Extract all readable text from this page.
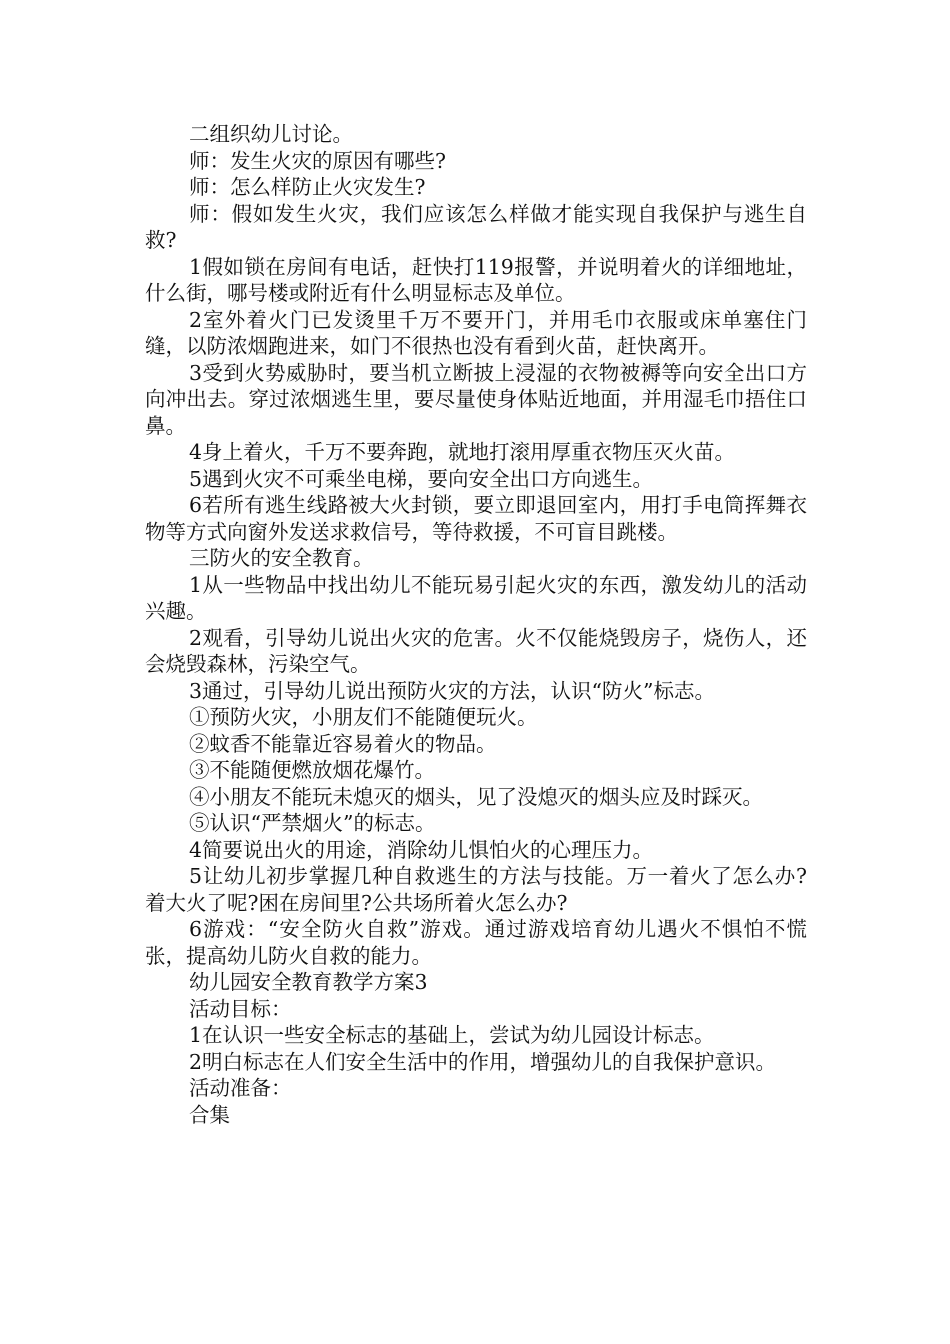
二组织幼儿讨论。

师：发生火灾的原因有哪些?

师：怎么样防止火灾发生?

师：假如发生火灾，我们应该怎么样做才能实现自我保护与逃生自救?

1假如锁在房间有电话，赶快打119报警，并说明着火的详细地址，什么街，哪号楼或附近有什么明显标志及单位。

2室外着火门已发烫里千万不要开门，并用毛巾衣服或床单塞住门缝，以防浓烟跑进来，如门不很热也没有看到火苗，赶快离开。

3受到火势威胁时，要当机立断披上浸湿的衣物被褥等向安全出口方向冲出去。穿过浓烟逃生里，要尽量使身体贴近地面，并用湿毛巾捂住口鼻。

4身上着火，千万不要奔跑，就地打滚用厚重衣物压灭火苗。

5遇到火灾不可乘坐电梯，要向安全出口方向逃生。

6若所有逃生线路被大火封锁，要立即退回室内，用打手电筒挥舞衣物等方式向窗外发送求救信号，等待救援，不可盲目跳楼。

三防火的安全教育。

1从一些物品中找出幼儿不能玩易引起火灾的东西，激发幼儿的活动兴趣。

2观看，引导幼儿说出火灾的危害。火不仅能烧毁房子，烧伤人，还会烧毁森林，污染空气。

3通过，引导幼儿说出预防火灾的方法，认识“防火”标志。

①预防火灾，小朋友们不能随便玩火。

②蚊香不能靠近容易着火的物品。

③不能随便燃放烟花爆竹。

④小朋友不能玩未熄灭的烟头，见了没熄灭的烟头应及时踩灭。

⑤认识“严禁烟火”的标志。

4简要说出火的用途，消除幼儿惧怕火的心理压力。

5让幼儿初步掌握几种自救逃生的方法与技能。万一着火了怎么办?着大火了呢?困在房间里?公共场所着火怎么办?

6游戏：“安全防火自救”游戏。通过游戏培育幼儿遇火不惧怕不慌张，提高幼儿防火自救的能力。

幼儿园安全教育教学方案3

活动目标：

1在认识一些安全标志的基础上，尝试为幼儿园设计标志。

2明白标志在人们安全生活中的作用，增强幼儿的自我保护意识。

活动准备：

合集
